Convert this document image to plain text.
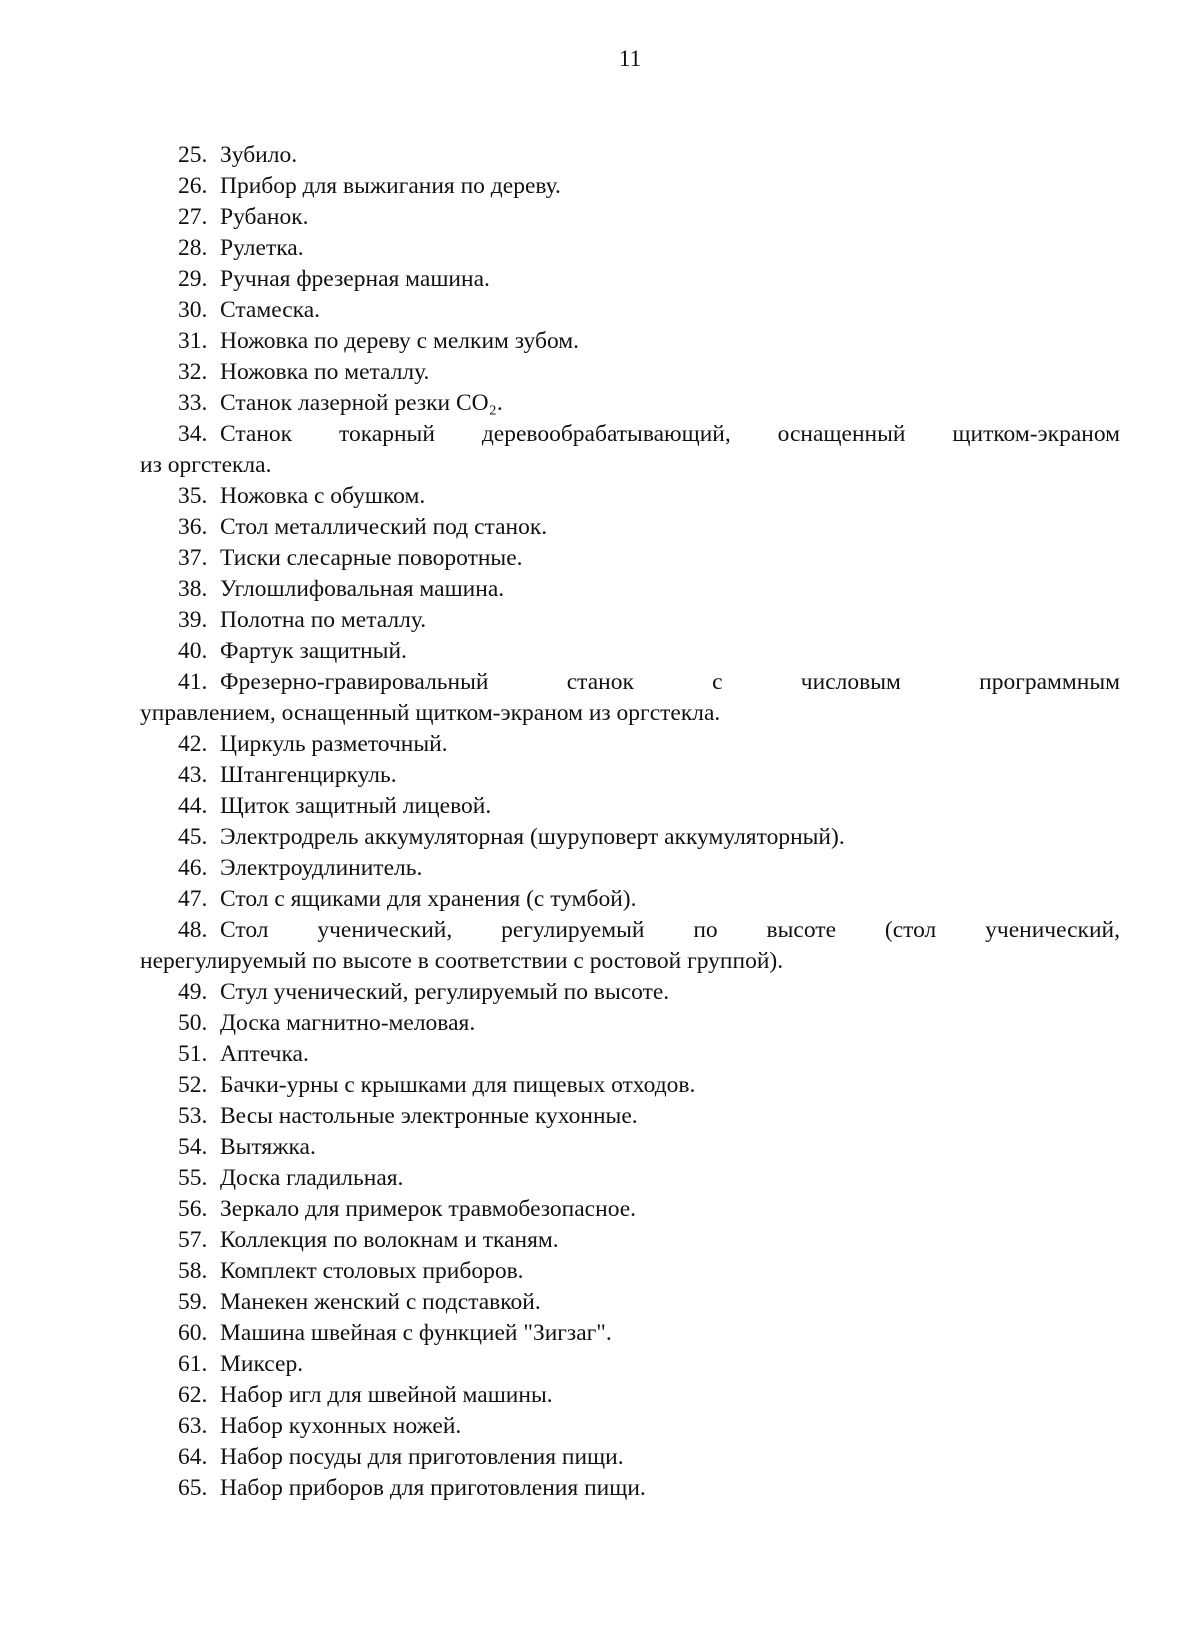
11
25. Зубило.
26. Прибор для выжигания по дереву.
27. Рубанок.
28. Рулетка.
29. Ручная фрезерная машина.
30. Стамеска.
31. Ножовка по дереву с мелким зубом.
32. Ножовка по металлу.
33. Станок лазерной резки CO₂.
34. Станок токарный деревообрабатывающий, оснащенный щитком-экраном
из оргстекла.
35. Ножовка с обушком.
36. Стол металлический под станок.
37. Тиски слесарные поворотные.
38. Углошлифовальная машина.
39. Полотна по металлу.
40. Фартук защитный.
41. Фрезерно-гравировальный станок с числовым программным
управлением, оснащенный щитком-экраном из оргстекла.
42. Циркуль разметочный.
43. Штангенциркуль.
44. Щиток защитный лицевой.
45. Электродрель аккумуляторная (шуруповерт аккумуляторный).
46. Электроудлинитель.
47. Стол с ящиками для хранения (с тумбой).
48. Стол ученический, регулируемый по высоте (стол ученический,
нерегулируемый по высоте в соответствии с ростовой группой).
49. Стул ученический, регулируемый по высоте.
50. Доска магнитно-меловая.
51. Аптечка.
52. Бачки-урны с крышками для пищевых отходов.
53. Весы настольные электронные кухонные.
54. Вытяжка.
55. Доска гладильная.
56. Зеркало для примерок травмобезопасное.
57. Коллекция по волокнам и тканям.
58. Комплект столовых приборов.
59. Манекен женский с подставкой.
60. Машина швейная с функцией "Зигзаг".
61. Миксер.
62. Набор игл для швейной машины.
63. Набор кухонных ножей.
64. Набор посуды для приготовления пищи.
65. Набор приборов для приготовления пищи.
